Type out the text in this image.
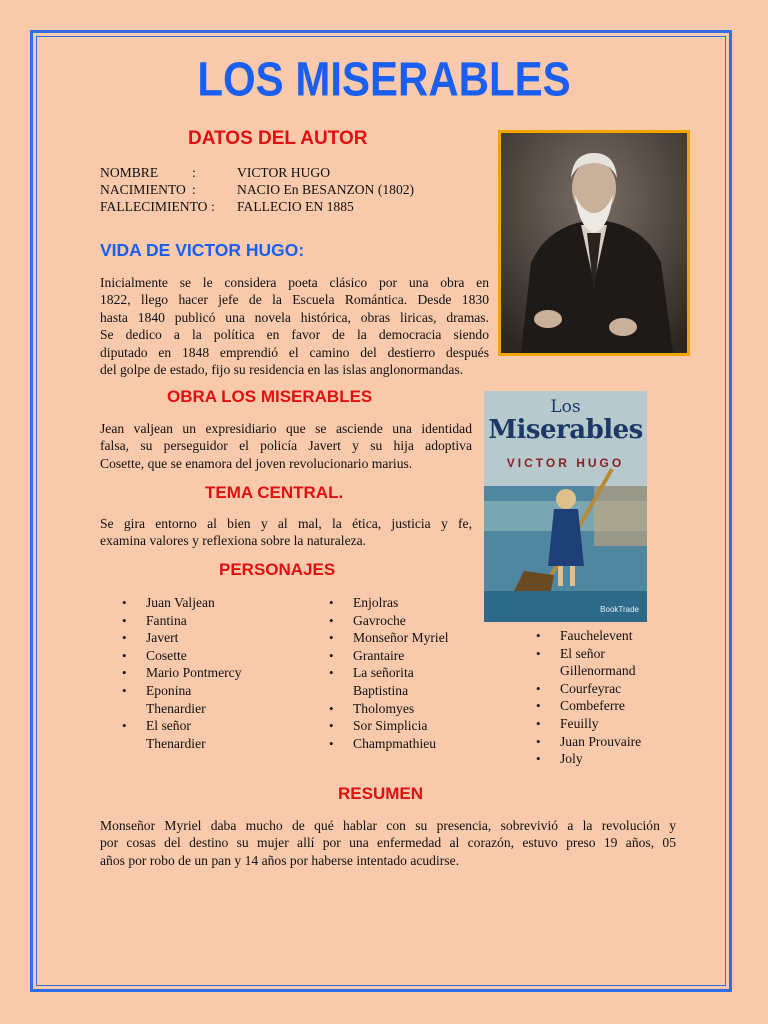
LOS MISERABLES
DATOS DEL AUTOR
NOMBRE :	VICTOR HUGO
NACIMIENTO :	NACIO En BESANZON (1802)
FALLECIMIENTO : FALLECIO EN 1885
VIDA DE VICTOR HUGO:
Inicialmente se le considera poeta clásico por una obra en
1822, llego hacer jefe de la Escuela Romántica. Desde 1830
hasta 1840 publicó una novela histórica, obras liricas, dramas.
Se dedico a la política en favor de la democracia siendo
diputado en 1848 emprendió el camino del destierro después
del golpe de estado, fijo su residencia en las islas anglonormandas.
OBRA LOS MISERABLES
Jean valjean un expresidiario que se asciende una identidad
falsa, su perseguidor el policía Javert y su hija adoptiva
Cosette, que se enamora del joven revolucionario marius.
Los
Miserables
VICTOR HUGO
BookTrade
TEMA CENTRAL.
Se gira entorno al bien y al mal, la ética, justicia y fe,
examina valores y reflexiona sobre la naturaleza.
PERSONAJES
• Juan Valjean
• Fantina
• Javert
• Cosette
• Mario Pontmercy
• Eponina Thenardier
• El señor Thenardier
• Enjolras
• Gavroche
• Monseñor Myriel
• Grantaire
• La señorita Baptistina
• Tholomyes
• Sor Simplicia
• Champmathieu
• Fauchelevent
• El señor Gillenormand
• Courfeyrac
• Combeferre
• Feuilly
• Juan Prouvaire
• Joly
RESUMEN
Monseñor Myriel daba mucho de qué hablar con su presencia, sobrevivió a la revolución y
por cosas del destino su mujer allí por una enfermedad al corazón, estuvo preso 19 años, 05
años por robo de un pan y 14 años por haberse intentado acudirse.
